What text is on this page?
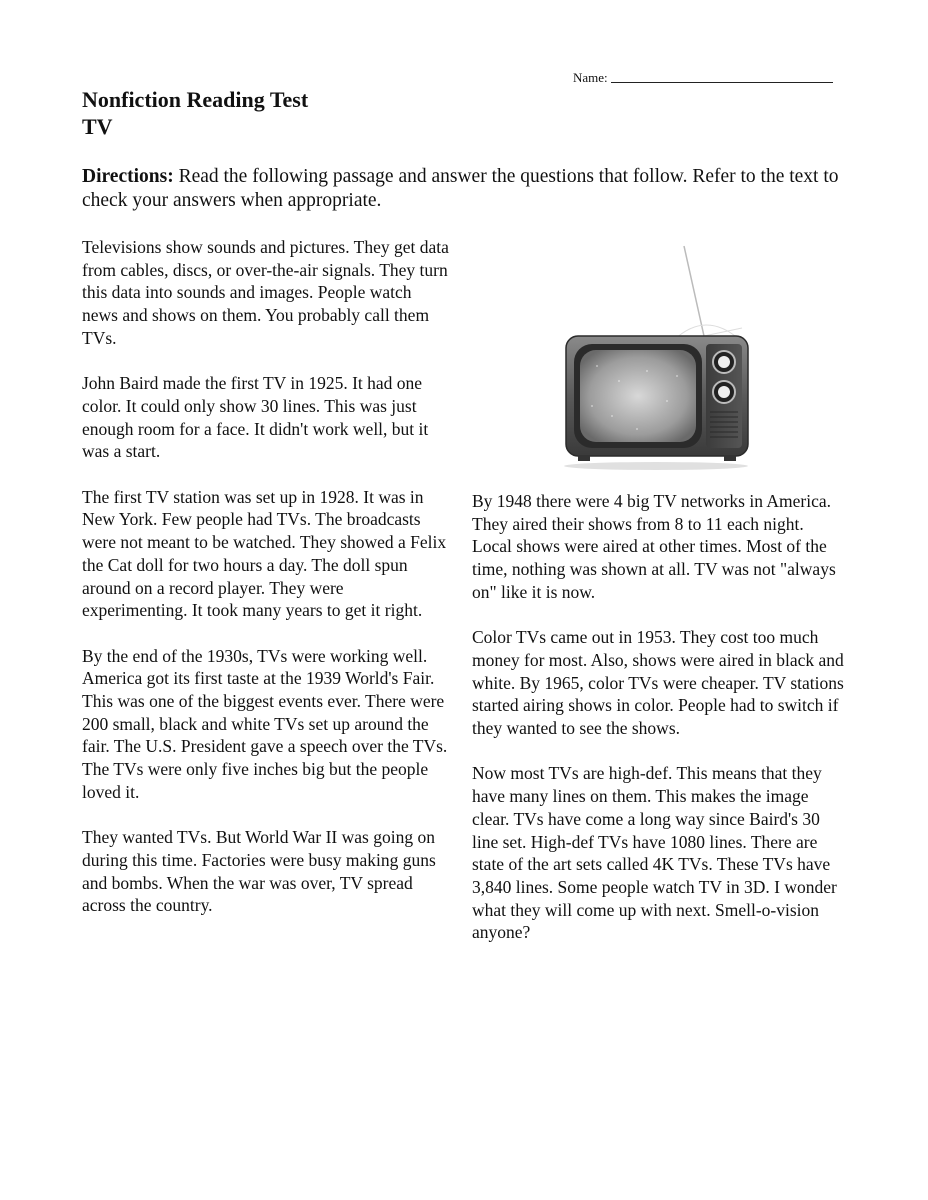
Name:
Nonfiction Reading Test
TV

Directions: Read the following passage and answer the questions that follow. Refer to the text to check your answers when appropriate.

Televisions show sounds and pictures. They get data from cables, discs, or over-the-air signals. They turn this data into sounds and images. People watch news and shows on them. You probably call them TVs.

John Baird made the first TV in 1925. It had one color. It could only show 30 lines. This was just enough room for a face. It didn't work well, but it was a start.

The first TV station was set up in 1928. It was in New York. Few people had TVs. The broadcasts were not meant to be watched. They showed a Felix the Cat doll for two hours a day. The doll spun around on a record player. They were experimenting. It took many years to get it right.

By the end of the 1930s, TVs were working well. America got its first taste at the 1939 World's Fair. This was one of the biggest events ever. There were 200 small, black and white TVs set up around the fair. The U.S. President gave a speech over the TVs. The TVs were only five inches big but the people loved it.

They wanted TVs. But World War II was going on during this time. Factories were busy making guns and bombs. When the war was over, TV spread across the country.

By 1948 there were 4 big TV networks in America. They aired their shows from 8 to 11 each night. Local shows were aired at other times. Most of the time, nothing was shown at all. TV was not "always on" like it is now.

Color TVs came out in 1953. They cost too much money for most. Also, shows were aired in black and white. By 1965, color TVs were cheaper. TV stations started airing shows in color. People had to switch if they wanted to see the shows.

Now most TVs are high-def. This means that they have many lines on them. This makes the image clear. TVs have come a long way since Baird's 30 line set. High-def TVs have 1080 lines. There are state of the art sets called 4K TVs. These TVs have 3,840 lines. Some people watch TV in 3D. I wonder what they will come up with next. Smell-o-vision anyone?
